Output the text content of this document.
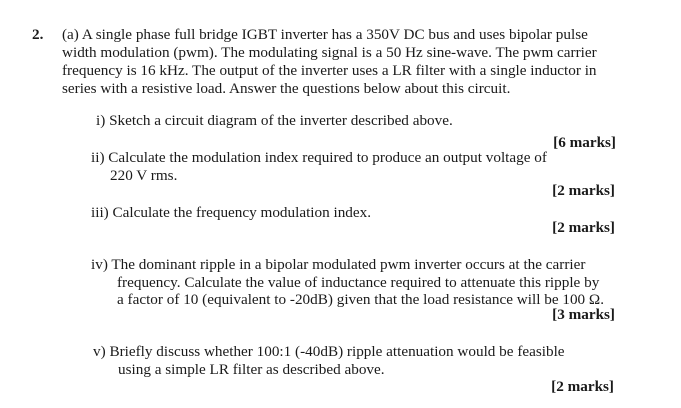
2. (a) A single phase full bridge IGBT inverter has a 350V DC bus and uses bipolar pulse
width modulation (pwm). The modulating signal is a 50 Hz sine-wave. The pwm carrier
frequency is 16 kHz. The output of the inverter uses a LR filter with a single inductor in
series with a resistive load. Answer the questions below about this circuit.
i) Sketch a circuit diagram of the inverter described above.
[6 marks]
ii) Calculate the modulation index required to produce an output voltage of
220 V rms.
[2 marks]
iii) Calculate the frequency modulation index.
[2 marks]
iv) The dominant ripple in a bipolar modulated pwm inverter occurs at the carrier
frequency. Calculate the value of inductance required to attenuate this ripple by
a factor of 10 (equivalent to -20dB) given that the load resistance will be 100 Ω.
[3 marks]
v) Briefly discuss whether 100:1 (-40dB) ripple attenuation would be feasible
using a simple LR filter as described above.
[2 marks]
